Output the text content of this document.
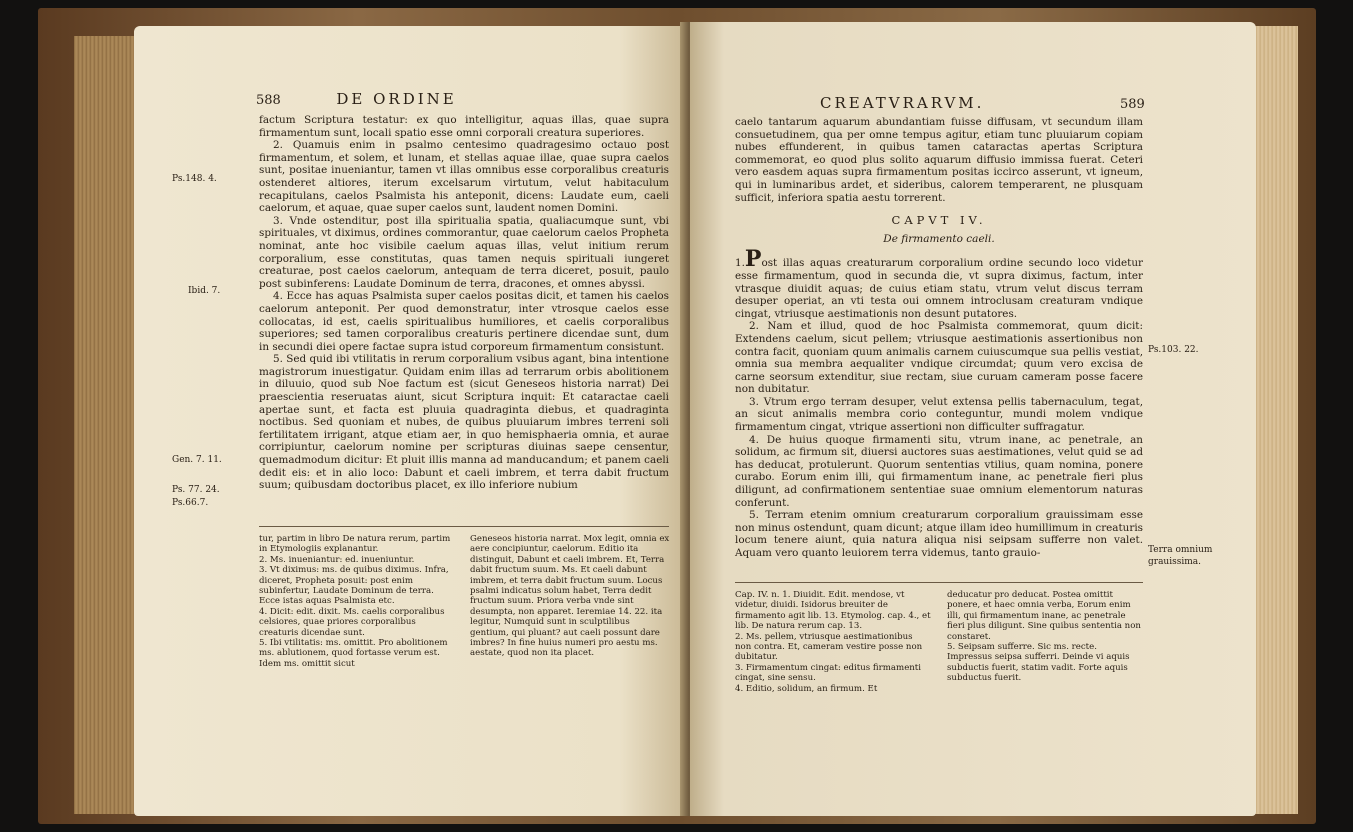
588	DE ORDINE

factum Scriptura testatur: ex quo intelligitur, aquas illas, quae supra firmamentum sunt, locali spatio esse omni corporali creatura superiores.

2. Quamuis enim in psalmo centesimo quadragesimo octauo post firmamentum, et solem, et lunam, et stellas aquae illae, quae supra caelos sunt, positae inueniantur, tamen vt illas omnibus esse corporalibus creaturis ostenderet altiores, iterum excelsarum virtutum, velut habitaculum recapitulans, caelos Psalmista his anteponit, dicens: Laudate eum, caeli caelorum, et aquae, quae super caelos sunt, laudent nomen Domini.

3. Vnde ostenditur, post illa spiritualia spatia, qualiacumque sunt, vbi spirituales, vt diximus, ordines commorantur, quae caelorum caelos Propheta nominat, ante hoc visibile caelum aquas illas, velut initium rerum corporalium, esse constitutas, quas tamen nequis spirituali iungeret creaturae, post caelos caelorum, antequam de terra diceret, posuit, paulo post subinferens: Laudate Dominum de terra, dracones, et omnes abyssi.

4. Ecce has aquas Psalmista super caelos positas dicit, et tamen his caelos caelorum anteponit. Per quod demonstratur, inter vtrosque caelos esse collocatas, id est, caelis spiritualibus humiliores, et caelis corporalibus superiores; sed tamen corporalibus creaturis pertinere dicendae sunt, dum in secundi diei opere factae supra istud corporeum firmamentum consistunt.

5. Sed quid ibi vtilitatis in rerum corporalium vsibus agant, bina intentione magistrorum inuestigatur. Quidam enim illas ad terrarum orbis abolitionem in diluuio, quod sub Noe factum est (sicut Geneseos historia narrat) Dei praescientia reseruatas aiunt, sicut Scriptura inquit: Et cataractae caeli apertae sunt, et facta est pluuia quadraginta diebus, et quadraginta noctibus. Sed quoniam et nubes, de quibus pluuiarum imbres terreni soli fertilitatem irrigant, atque etiam aer, in quo hemisphaeria omnia, et aurae corripiuntur, caelorum nomine per scripturas diuinas saepe censentur, quemadmodum dicitur: Et pluit illis manna ad manducandum; et panem caeli dedit eis: et in alio loco: Dabunt et caeli imbrem, et terra dabit fructum suum; quibusdam doctoribus placet, ex illo inferiore nubium

tur, partim in libro De natura rerum, partim in Etymologiis explanantur.

2. Ms. inueniantur: ed. inueniuntur.

3. Vt diximus: ms. de quibus diximus. Infra, diceret, Propheta posuit: post enim subinfertur, Laudate Dominum de terra. Ecce istas aquas Psalmista etc.

4. Dicit: edit. dixit. Ms. caelis corporalibus celsiores, quae priores corporalibus creaturis dicendae sunt.

5. Ibi vtilitatis: ms. omittit. Pro abolitionem ms. ablutionem, quod fortasse verum est. Idem ms. omittit sicut

Geneseos historia narrat. Mox legit, omnia ex aere concipiuntur, caelorum. Editio ita distinguit, Dabunt et caeli imbrem. Et, Terra dabit fructum suum. Ms. Et caeli dabunt imbrem, et terra dabit fructum suum. Locus psalmi indicatus solum habet, Terra dedit fructum suum. Priora verba vnde sint desumpta, non apparet. Ieremiae 14. 22. ita legitur, Numquid sunt in sculptilibus gentium, qui pluant? aut caeli possunt dare imbres? In fine huius numeri pro aestu ms. aestate, quod non ita placet.

Ps.148. 4.
Ibid. 7.
Gen. 7. 11.
Ps. 77. 24.
Ps.66.7.
CREATVRARVM.	589

caelo tantarum aquarum abundantiam fuisse diffusam, vt secundum illam consuetudinem, qua per omne tempus agitur, etiam tunc pluuiarum copiam nubes effunderent, in quibus tamen cataractas apertas Scriptura commemorat, eo quod plus solito aquarum diffusio immissa fuerat. Ceteri vero easdem aquas supra firmamentum positas iccirco asserunt, vt igneum, qui in luminaribus ardet, et sideribus, calorem temperarent, ne plusquam sufficit, inferiora spatia aestu torrerent.

CAPVT IV.
De firmamento caeli.

1.Post illas aquas creaturarum corporalium ordine secundo loco videtur esse firmamentum, quod in secunda die, vt supra diximus, factum, inter vtrasque diuidit aquas; de cuius etiam statu, vtrum velut discus terram desuper operiat, an vti testa oui omnem introclusam creaturam vndique cingat, vtriusque aestimationis non desunt putatores.

2. Nam et illud, quod de hoc Psalmista commemorat, quum dicit: Extendens caelum, sicut pellem; vtriusque aestimationis assertionibus non contra facit, quoniam quum animalis carnem cuiuscumque sua pellis vestiat, omnia sua membra aequaliter vndique circumdat; quum vero excisa de carne seorsum extenditur, siue rectam, siue curuam cameram posse facere non dubitatur.

3. Vtrum ergo terram desuper, velut extensa pellis tabernaculum, tegat, an sicut animalis membra corio conteguntur, mundi molem vndique firmamentum cingat, vtrique assertioni non difficulter suffragatur.

4. De huius quoque firmamenti situ, vtrum inane, ac penetrale, an solidum, ac firmum sit, diuersi auctores suas aestimationes, velut quid se ad has deducat, protulerunt. Quorum sententias vtilius, quam nomina, ponere curabo. Eorum enim illi, qui firmamentum inane, ac penetrale fieri plus diligunt, ad confirmationem sententiae suae omnium elementorum naturas conferunt.

5. Terram etenim omnium creaturarum corporalium grauissimam esse non minus ostendunt, quam dicunt; atque illam ideo humillimum in creaturis locum tenere aiunt, quia natura aliqua nisi seipsam sufferre non valet. Aquam vero quanto leuiorem terra videmus, tanto grauio-

Cap. IV. n. 1. Diuidit. Edit. mendose, vt videtur, diuidi. Isidorus breuiter de firmamento agit lib. 13. Etymolog. cap. 4., et lib. De natura rerum cap. 13.

2. Ms. pellem, vtriusque aestimationibus non contra. Et, cameram vestire posse non dubitatur.

3. Firmamentum cingat: editus firmamenti cingat, sine sensu.

4. Editio, solidum, an firmum. Et

deducatur pro deducat. Postea omittit ponere, et haec omnia verba, Eorum enim illi, qui firmamentum inane, ac penetrale fieri plus diligunt. Sine quibus sententia non constaret.

5. Seipsam sufferre. Sic ms. recte. Impressus seipsa sufferri. Deinde vi aquis subductis fuerit, statim vadit. Forte aquis subductus fuerit.

Ps.103. 22.
Terra omnium
grauissima.
